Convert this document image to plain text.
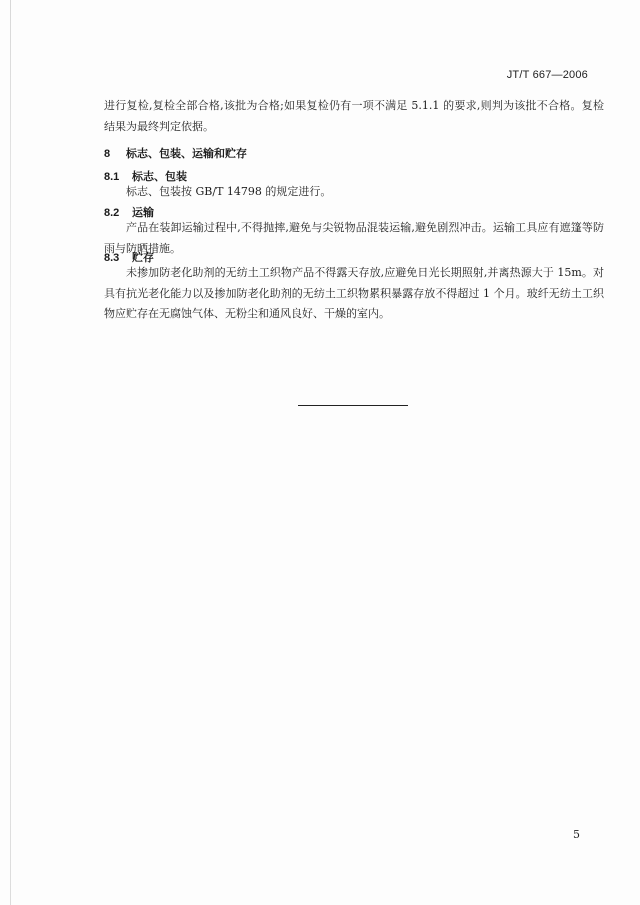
JT/T 667—2006

进行复检,复检全部合格,该批为合格;如果复检仍有一项不满足 5.1.1 的要求,则判为该批不合格。复检结果为最终判定依据。

8 标志、包装、运输和贮存
8.1 标志、包装

标志、包装按 GB/T 14798 的规定进行。

8.2 运输

产品在装卸运输过程中,不得抛摔,避免与尖锐物品混装运输,避免剧烈冲击。运输工具应有遮篷等防雨与防晒措施。

8.3 贮存

未掺加防老化助剂的无纺土工织物产品不得露天存放,应避免日光长期照射,并离热源大于 15m。对具有抗光老化能力以及掺加防老化助剂的无纺土工织物累积暴露存放不得超过 1 个月。玻纤无纺土工织物应贮存在无腐蚀气体、无粉尘和通风良好、干燥的室内。

5
